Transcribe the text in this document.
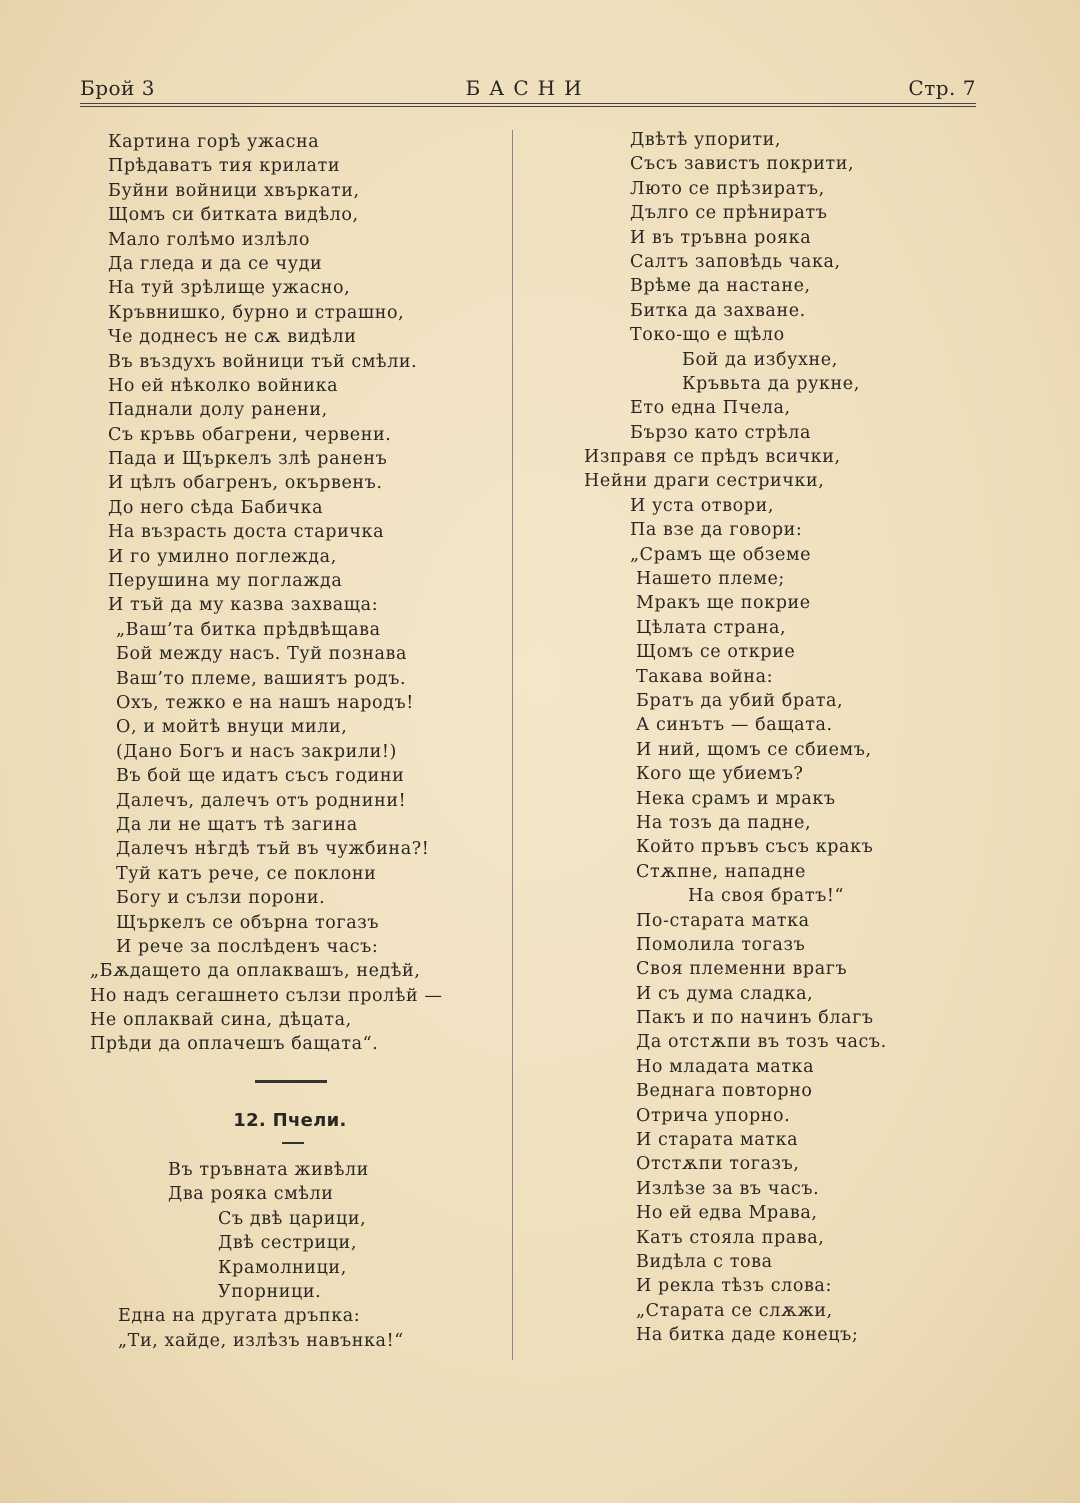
Брой 3	БАСНИ	Стр. 7
Картина горѣ ужасна
Прѣдаватъ тия крилати
Буйни войници хвъркати,
Щомъ си битката видѣло,
Мало голѣмо излѣло
Да гледа и да се чуди
На туй зрѣлище ужасно,
Кръвнишко, бурно и страшно,
Че доднесъ не сѫ видѣли
Въ въздухъ войници тъй смѣли.
Но ей нѣколко войника
Паднали долу ранени,
Съ кръвь обагрени, червени.
Пада и Щъркелъ злѣ раненъ
И цѣлъ обагренъ, окървенъ.
До него сѣда Бабичка
На възрасть доста старичка
И го умилно поглежда,
Перушина му поглажда
И тъй да му казва захваща:
„Ваш’та битка прѣдвѣщава
Бой между насъ. Туй познава
Ваш’то племе, вашиятъ родъ.
Охъ, тежко е на нашъ народъ!
О, и мойтѣ внуци мили,
(Дано Богъ и насъ закрили!)
Въ бой ще идатъ съсъ години
Далечъ, далечъ отъ роднини!
Да ли не щатъ тѣ загина
Далечъ нѣгдѣ тъй въ чужбина?!
Туй катъ рече, се поклони
Богу и сълзи порони.
Щъркелъ се обърна тогазъ
И рече за послѣденъ часъ:
„Бѫдащето да оплаквашъ, недѣй,
Но надъ сегашнето сълзи пролѣй —
Не оплаквай сина, дѣцата,
Прѣди да оплачешъ бащата“.
12. Пчели.
Въ тръвната живѣли
Два рояка смѣли
Съ двѣ царици,
Двѣ сестрици,
Крамолници,
Упорници.
Една на другата дръпка:
„Ти, хайде, излѣзъ навънка!“
Двѣтѣ упорити,
Съсъ завистъ покрити,
Лютo се прѣзиратъ,
Дълго се прѣниратъ
И въ тръвна рояка
Салтъ заповѣдь чака,
Врѣме да настане,
Битка да захване.
Токо-що е щѣло
Бой да избухне,
Кръвьта да рукне,
Ето една Пчела,
Бързо като стрѣла
Изправя се прѣдъ всички,
Нейни драги сестрички,
И уста отвори,
Па взе да говори:
„Срамъ ще обземе
Нашето племе;
Мракъ ще покрие
Цѣлата страна,
Щомъ се открие
Такава война:
Братъ да убий брата,
А синътъ — бащата.
И ний, щомъ се сбиемъ,
Кого ще убиемъ?
Нека срамъ и мракъ
На тозъ да падне,
Който пръвъ съсъ кракъ
Стѫпне, нападне
На своя братъ!“
По-старата матка
Помолила тогазъ
Своя племенни врагъ
И съ дума сладка,
Пакъ и по начинъ благъ
Да отстѫпи въ тозъ часъ.
Но младата матка
Веднага повторно
Отрича упорно.
И старата матка
Отстѫпи тогазъ,
Излѣзе за въ часъ.
Но ей едва Мрава,
Катъ стояла права,
Видѣла с това
И рекла тѣзъ слова:
„Старата се слѫжи,
На битка даде конецъ;
